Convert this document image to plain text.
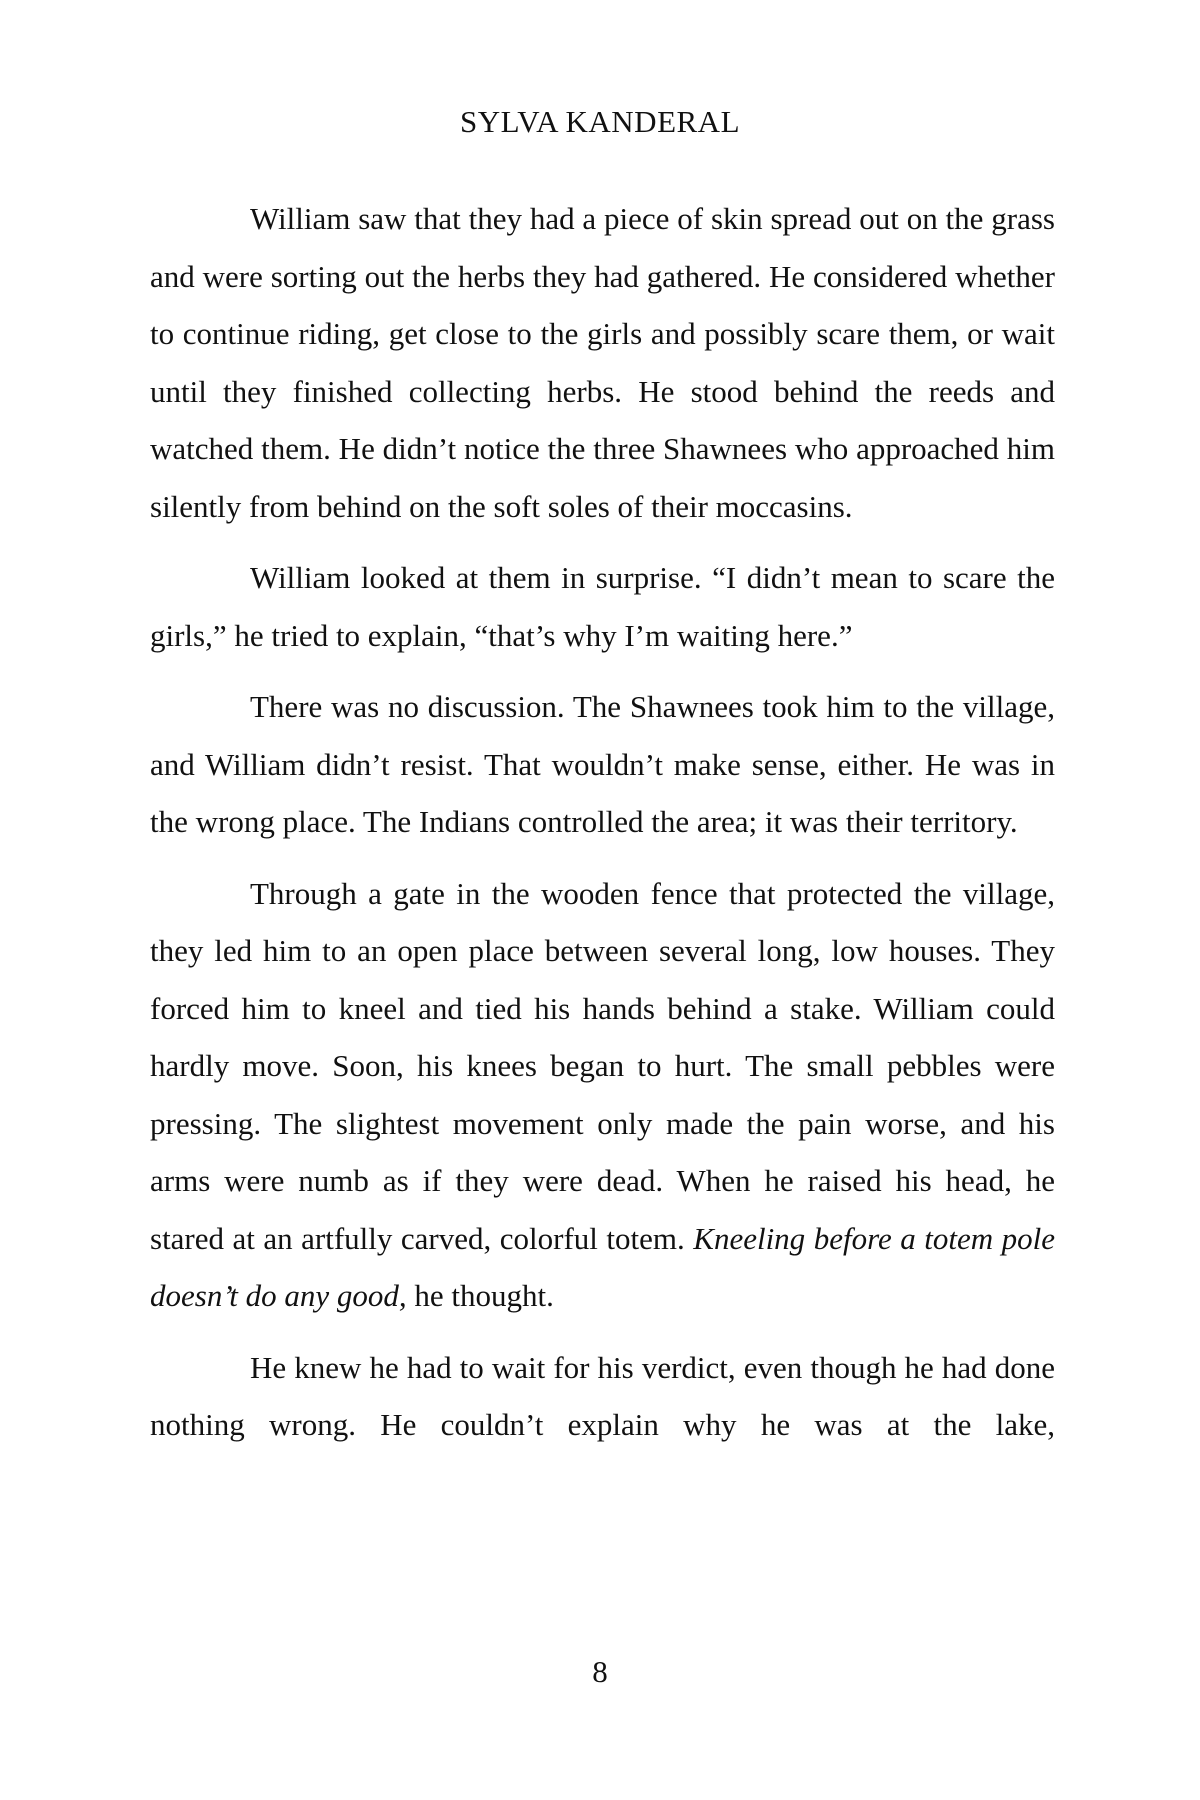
SYLVA KANDERAL

William saw that they had a piece of skin spread out on the grass and were sorting out the herbs they had gathered. He considered whether to continue riding, get close to the girls and possibly scare them, or wait until they finished collecting herbs. He stood behind the reeds and watched them. He didn’t notice the three Shawnees who approached him silently from behind on the soft soles of their moccasins.

William looked at them in surprise. “I didn’t mean to scare the girls,” he tried to explain, “that’s why I’m waiting here.”

There was no discussion. The Shawnees took him to the village, and William didn’t resist. That wouldn’t make sense, either. He was in the wrong place. The Indians controlled the area; it was their territory.

Through a gate in the wooden fence that protected the village, they led him to an open place between several long, low houses. They forced him to kneel and tied his hands behind a stake. William could hardly move. Soon, his knees began to hurt. The small pebbles were pressing. The slightest movement only made the pain worse, and his arms were numb as if they were dead. When he raised his head, he stared at an artfully carved, colorful totem. Kneeling before a totem pole doesn’t do any good, he thought.

He knew he had to wait for his verdict, even though he had done nothing wrong. He couldn’t explain why he was at the lake,

8
